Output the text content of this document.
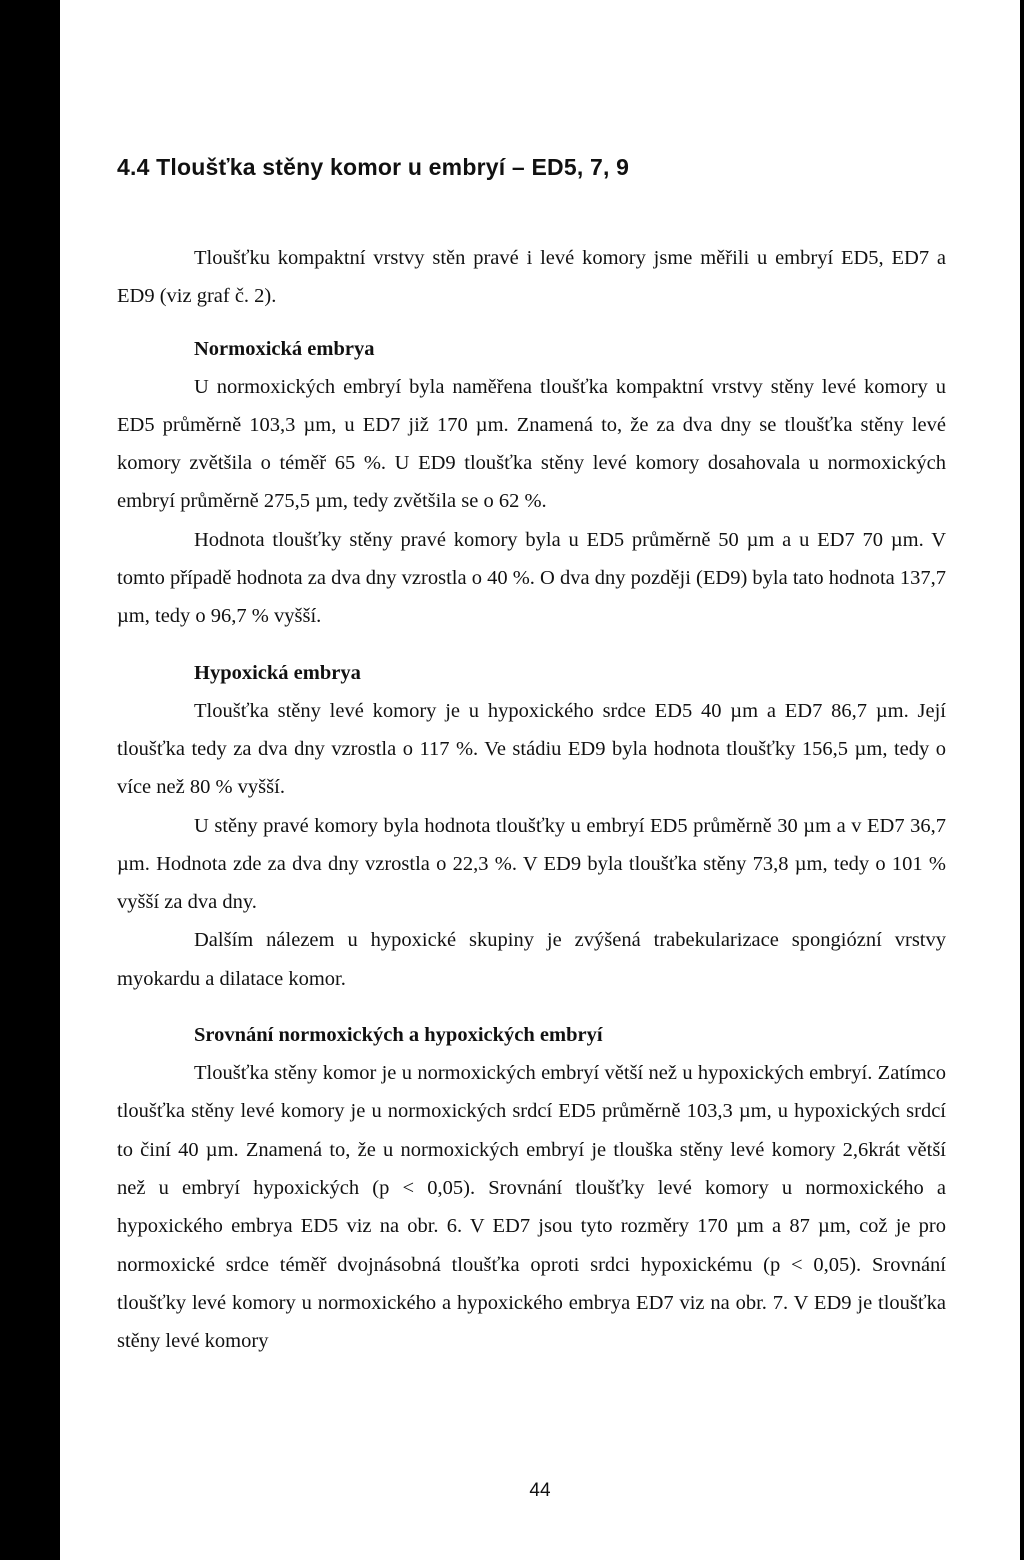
4.4 Tloušťka stěny komor u embryí – ED5, 7, 9

Tloušťku kompaktní vrstvy stěn pravé i levé komory jsme měřili u embryí ED5, ED7 a ED9 (viz graf č. 2).

Normoxická embrya

U normoxických embryí byla naměřena tloušťka kompaktní vrstvy stěny levé komory u ED5 průměrně 103,3 µm, u ED7 již 170 µm. Znamená to, že za dva dny se tloušťka stěny levé komory zvětšila o téměř 65 %. U ED9 tloušťka stěny levé komory dosahovala u normoxických embryí průměrně 275,5 µm, tedy zvětšila se o 62 %.

Hodnota tloušťky stěny pravé komory byla u ED5 průměrně 50 µm a u ED7 70 µm. V tomto případě hodnota za dva dny vzrostla o 40 %. O dva dny později (ED9) byla tato hodnota 137,7 µm, tedy o 96,7 % vyšší.

Hypoxická embrya

Tloušťka stěny levé komory je u hypoxického srdce ED5 40 µm a ED7 86,7 µm. Její tloušťka tedy za dva dny vzrostla o 117 %. Ve stádiu ED9 byla hodnota tloušťky 156,5 µm, tedy o více než 80 % vyšší.

U stěny pravé komory byla hodnota tloušťky u embryí ED5 průměrně 30 µm a v ED7 36,7 µm. Hodnota zde za dva dny vzrostla o 22,3 %. V ED9 byla tloušťka stěny 73,8 µm, tedy o 101 % vyšší za dva dny.

Dalším nálezem u hypoxické skupiny je zvýšená trabekularizace spongiózní vrstvy myokardu a dilatace komor.

Srovnání normoxických a hypoxických embryí

Tloušťka stěny komor je u normoxických embryí větší než u hypoxických embryí. Zatímco tloušťka stěny levé komory je u normoxických srdcí ED5 průměrně 103,3 µm, u hypoxických srdcí to činí 40 µm. Znamená to, že u normoxických embryí je tlouška stěny levé komory 2,6krát větší než u embryí hypoxických (p < 0,05). Srovnání tloušťky levé komory u normoxického a hypoxického embrya ED5 viz na obr. 6. V ED7 jsou tyto rozměry 170 µm a 87 µm, což je pro normoxické srdce téměř dvojnásobná tloušťka oproti srdci hypoxickému (p < 0,05). Srovnání tloušťky levé komory u normoxického a hypoxického embrya ED7 viz na obr. 7. V ED9 je tloušťka stěny levé komory

44
